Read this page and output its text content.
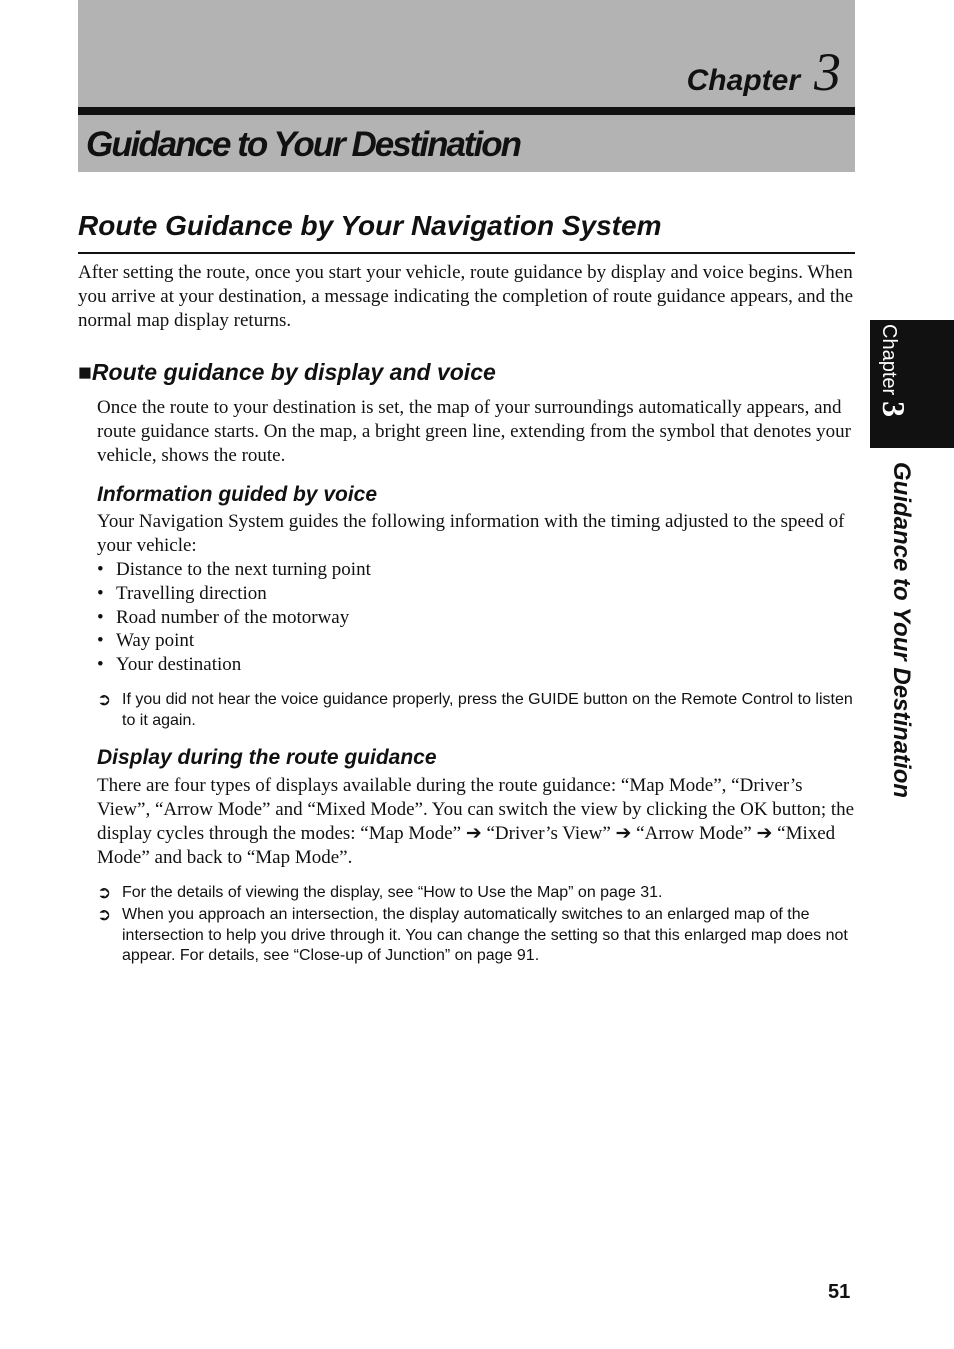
Chapter 3
Guidance to Your Destination
Route Guidance by Your Navigation System

After setting the route, once you start your vehicle, route guidance by display and voice begins. When you arrive at your destination, a message indicating the completion of route guidance appears, and the normal map display returns.

■Route guidance by display and voice

Once the route to your destination is set, the map of your surroundings automatically appears, and route guidance starts. On the map, a bright green line, extending from the symbol that denotes your vehicle, shows the route.

Information guided by voice

Your Navigation System guides the following information with the timing adjusted to the speed of your vehicle:

• Distance to the next turning point
• Travelling direction
• Road number of the motorway
• Way point
• Your destination
➲ If you did not hear the voice guidance properly, press the GUIDE button on the Remote Control to listen to it again.
Display during the route guidance

There are four types of displays available during the route guidance: “Map Mode”, “Driver’s View”, “Arrow Mode” and “Mixed Mode”. You can switch the view by clicking the OK button; the display cycles through the modes: “Map Mode” ➔ “Driver’s View” ➔ “Arrow Mode” ➔ “Mixed Mode” and back to “Map Mode”.

➲ For the details of viewing the display, see “How to Use the Map” on page 31.
➲ When you approach an intersection, the display automatically switches to an enlarged map of the intersection to help you drive through it. You can change the setting so that this enlarged map does not appear. For details, see “Close-up of Junction” on page 91.
Chapter
3

Guidance to Your Destination

51
